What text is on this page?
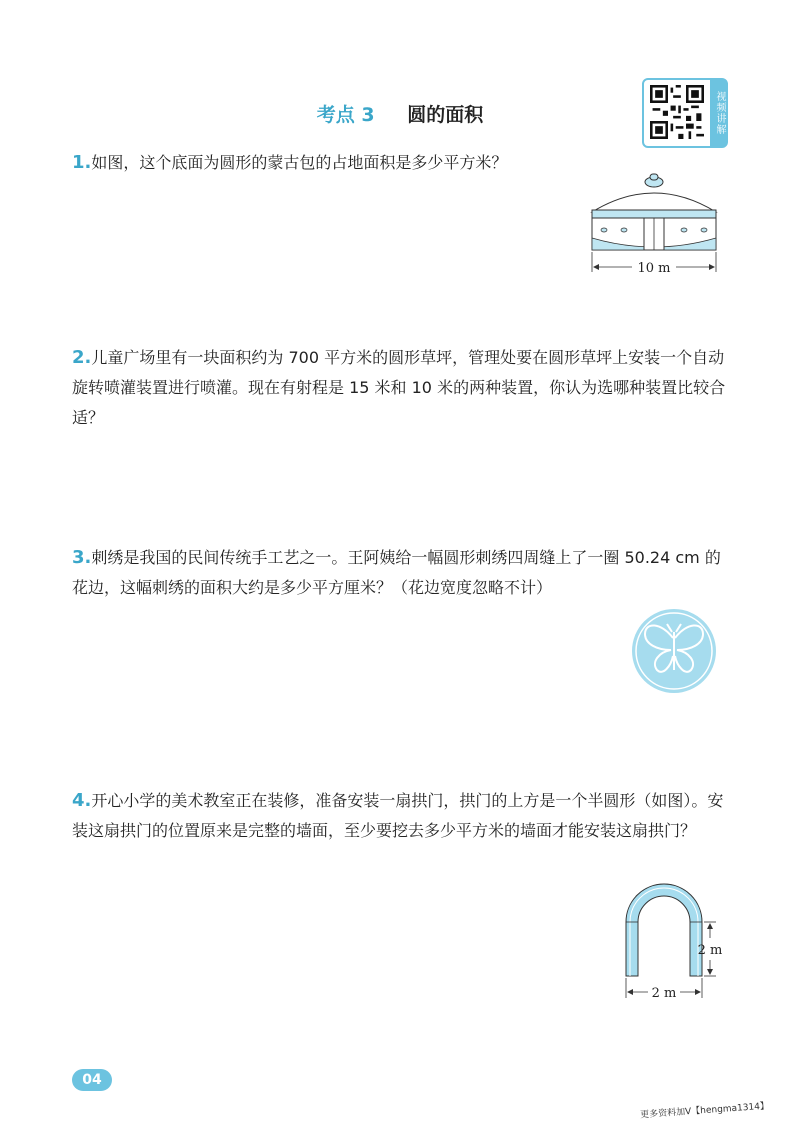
考点 3 圆的面积	视频讲解
1.如图，这个底面为圆形的蒙古包的占地面积是多少平方米？
10 m
2.儿童广场里有一块面积约为 700 平方米的圆形草坪，管理处要在圆形草坪上安装一个自动旋转喷灌装置进行喷灌。现在有射程是 15 米和 10 米的两种装置，你认为选哪种装置比较合适？
3.刺绣是我国的民间传统手工艺之一。王阿姨给一幅圆形刺绣四周缝上了一圈 50.24 cm 的花边，这幅刺绣的面积大约是多少平方厘米？（花边宽度忽略不计）
4.开心小学的美术教室正在装修，准备安装一扇拱门，拱门的上方是一个半圆形（如图）。安装这扇拱门的位置原来是完整的墙面，至少要挖去多少平方米的墙面才能安装这扇拱门？
2 m
2 m
04
更多资料加V【hengma1314】
